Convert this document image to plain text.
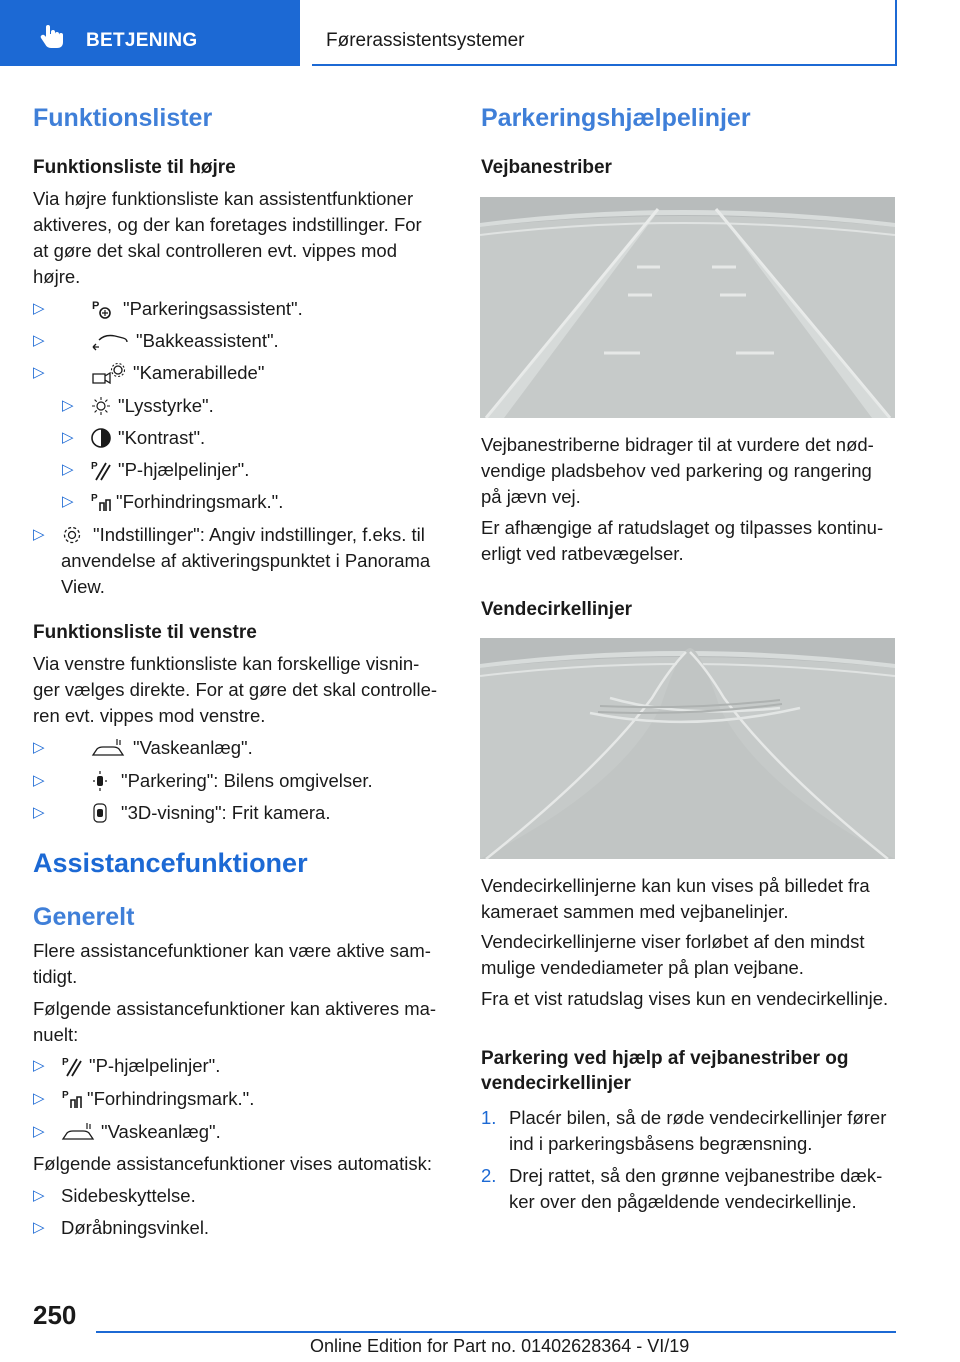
BETJENING	Førerassistentsystemer
Funktionslister
Funktionsliste til højre
Via højre funktionsliste kan assistentfunktioner
aktiveres, og der kan foretages indstillinger. For
at gøre det skal controlleren evt. vippes mod
højre.
▷	P "Parkeringsassistent".
▷	"Bakkeassistent".
▷	"Kamerabillede"
▷ "Lysstyrke".
▷ "Kontrast".
▷ P "P-hjælpelinjer".
▷ P "Forhindringsmark.".
▷	"Indstillinger": Angiv indstillinger, f.eks. til
anvendelse af aktiveringspunktet i Panorama
View.
Funktionsliste til venstre
Via venstre funktionsliste kan forskellige visnin-
ger vælges direkte. For at gøre det skal controlle-
ren evt. vippes mod venstre.
▷	"Vaskeanlæg".
▷	"Parkering": Bilens omgivelser.
▷	"3D-visning": Frit kamera.
Assistancefunktioner
Generelt
Flere assistancefunktioner kan være aktive sam-
tidigt.
Følgende assistancefunktioner kan aktiveres ma-
nuelt:
▷ P "P-hjælpelinjer".
▷ P "Forhindringsmark.".
▷	"Vaskeanlæg".
Følgende assistancefunktioner vises automatisk:
▷ Sidebeskyttelse.
▷ Døråbningsvinkel.
Parkeringshjælpelinjer
Vejbanestriber
Vejbanestriberne bidrager til at vurdere det nød-
vendige pladsbehov ved parkering og rangering
på jævn vej.
Er afhængige af ratudslaget og tilpasses kontinu-
erligt ved ratbevægelser.
Vendecirkellinjer
Vendecirkellinjerne kan kun vises på billedet fra
kameraet sammen med vejbanelinjer.
Vendecirkellinjerne viser forløbet af den mindst
mulige vendediameter på plan vejbane.
Fra et vist ratudslag vises kun en vendecirkellinje.
Parkering ved hjælp af vejbanestriber og
vendecirkellinjer
1. Placér bilen, så de røde vendecirkellinjer fører
ind i parkeringsbåsens begrænsning.
2. Drej rattet, så den grønne vejbanestribe dæk-
ker over den pågældende vendecirkellinje.
250
Online Edition for Part no. 01402628364 - VI/19
